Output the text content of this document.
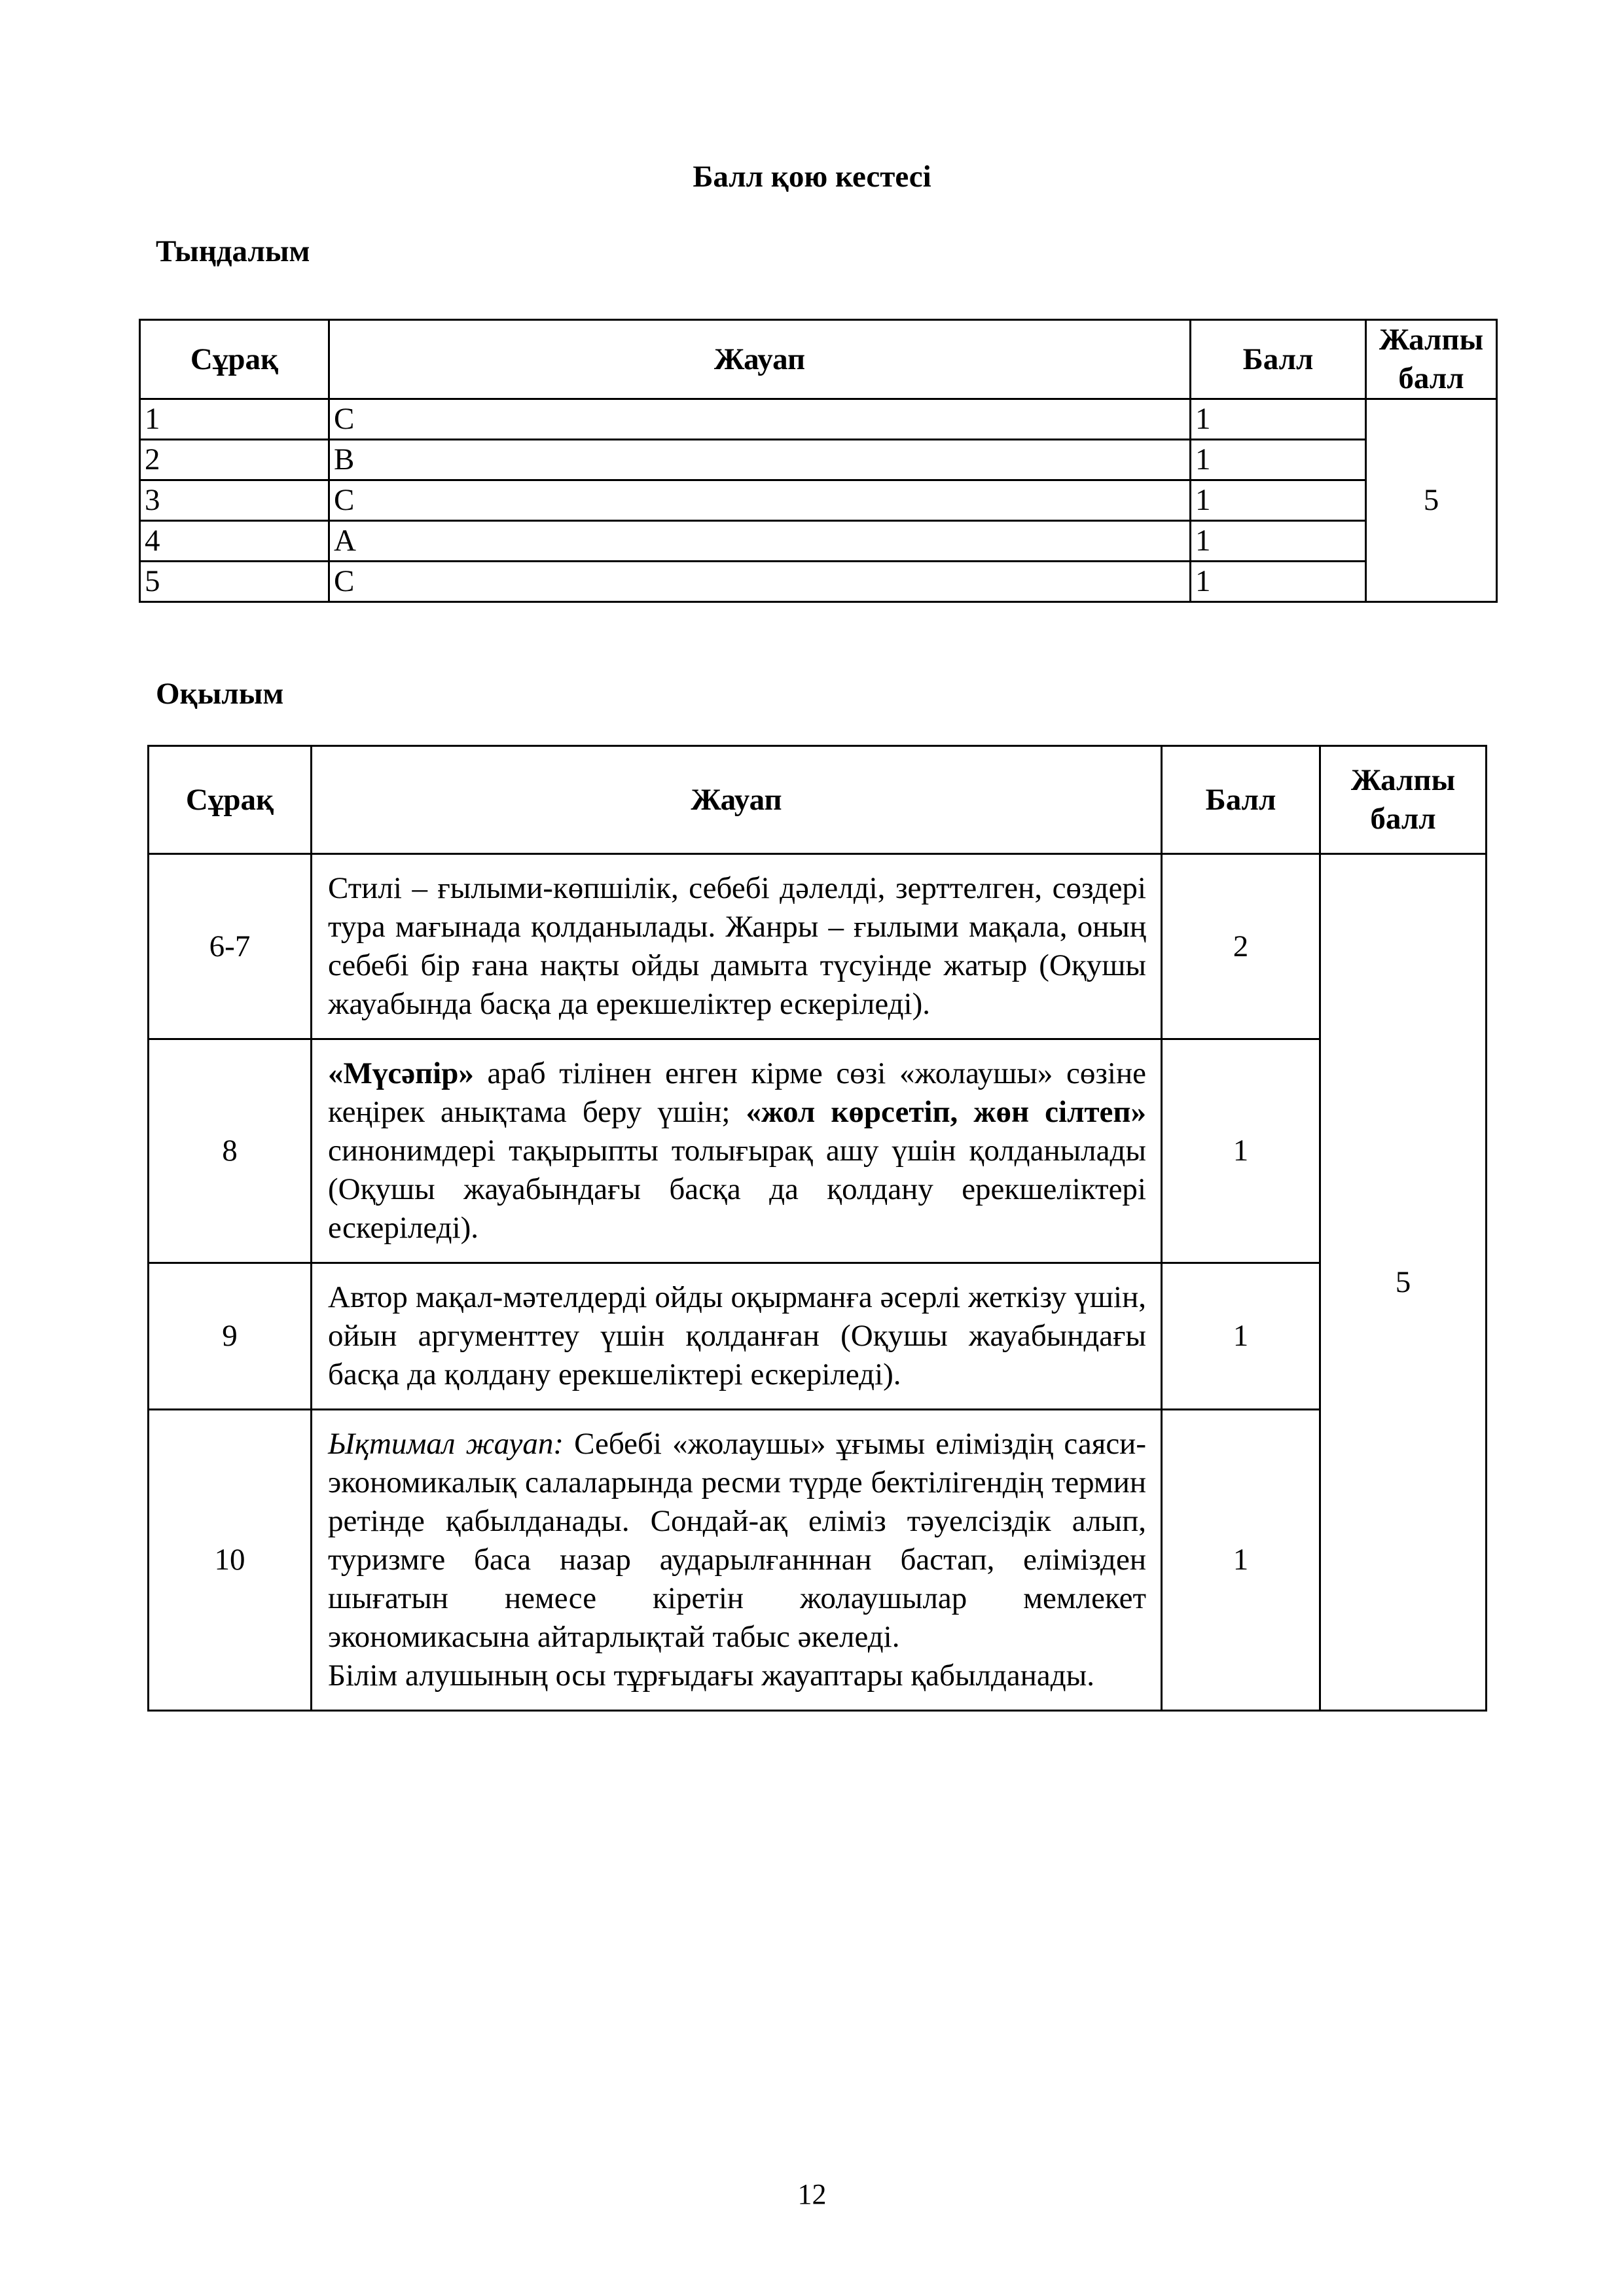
Балл қою кестесі
Тыңдалым
Сұрақ	Жауап	Балл	Жалпы балл
1	C	1	5
2	B	1	
3	C	1	
4	A	1	
5	C	1	
Оқылым
Сұрақ	Жауап	Балл	Жалпы балл
6-7	Стилі – ғылыми-көпшілік, себебі дәлелді, зерттелген, сөздері тура мағынада қолданылады. Жанры – ғылыми мақала, оның себебі бір ғана нақты ойды дамыта түсуінде жатыр (Оқушы жауабында басқа да ерекшеліктер ескеріледі).	2	5
8	«Мүсәпір» араб тілінен енген кірме сөзі «жолаушы» сөзіне кеңірек анықтама беру үшін; «жол көрсетіп, жөн сілтеп» синонимдері тақырыпты толығырақ ашу үшін қолданылады (Оқушы жауабындағы басқа да қолдану ерекшеліктері ескеріледі).	1	
9	Автор мақал-мәтелдерді ойды оқырманға әсерлі жеткізу үшін, ойын аргументтеу үшін қолданған (Оқушы жауабындағы басқа да қолдану ерекшеліктері ескеріледі).	1	
10	Ықтимал жауап: Себебі «жолаушы» ұғымы еліміздің саяси-экономикалық салаларында ресми түрде бектілігендің термин ретінде қабылданады. Сондай-ақ еліміз тәуелсіздік алып, туризмге баса назар аударылғанннан бастап, елімізден шығатын немесе кіретін жолаушылар мемлекет экономикасына айтарлықтай табыс әкеледі.
Білім алушының осы тұрғыдағы жауаптары қабылданады.	1	
12
